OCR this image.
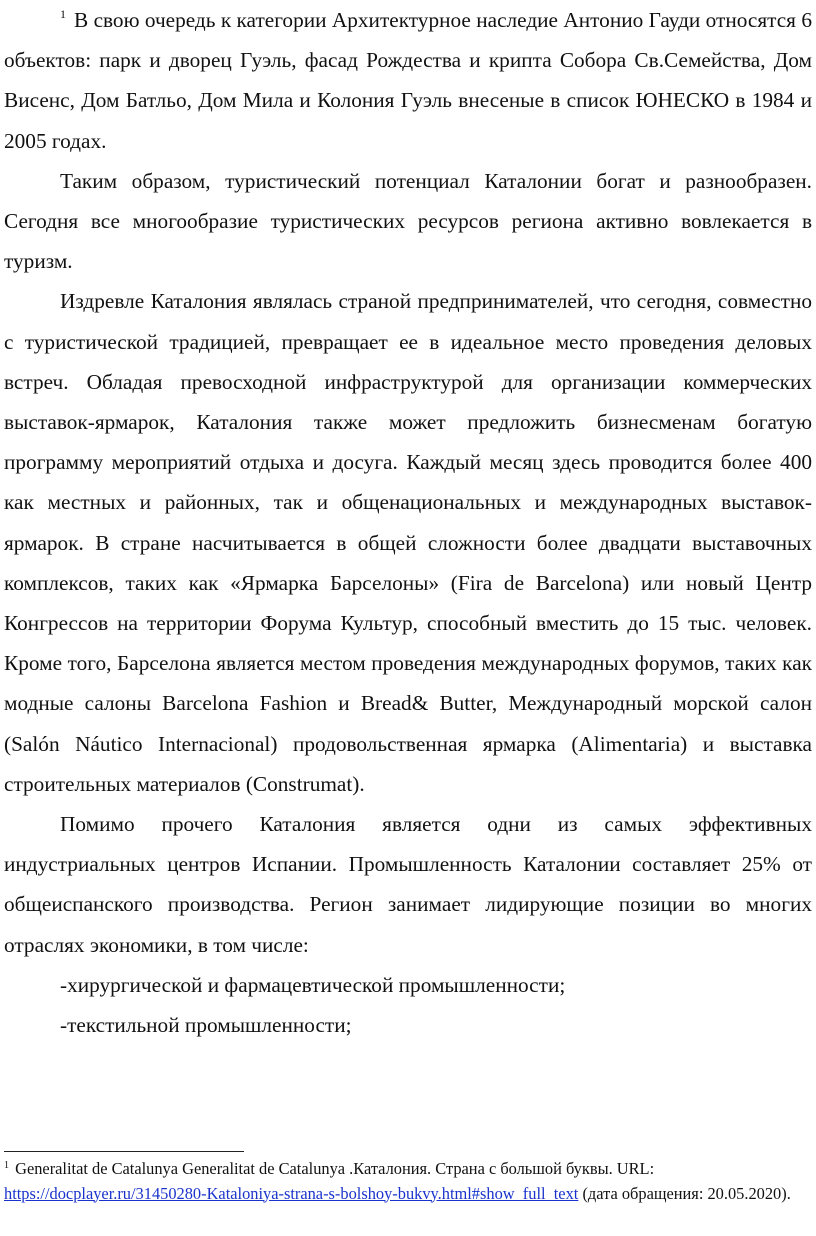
$^1$ В свою очередь к категории Архитектурное наследие Антонио Гауди относятся 6 объектов: парк и дворец Гуэль, фасад Рождества и крипта Собора Св.Семейства, Дом Висенс, Дом Батльо, Дом Мила и Колония Гуэль внесеные в список ЮНЕСКО в 1984 и 2005 годах.

Таким образом, туристический потенциал Каталонии богат и разнообразен. Сегодня все многообразие туристических ресурсов региона активно вовлекается в туризм.

Издревле Каталония являлась страной предпринимателей, что сегодня, совместно с туристической традицией, превращает ее в идеальное место проведения деловых встреч. Обладая превосходной инфраструктурой для организации коммерческих выставок-ярмарок, Каталония также может предложить бизнесменам богатую программу мероприятий отдыха и досуга. Каждый месяц здесь проводится более 400 как местных и районных, так и общенациональных и международных выставок-ярмарок. В стране насчитывается в общей сложности более двадцати выставочных комплексов, таких как «Ярмарка Барселоны» (Fira de Barcelona) или новый Центр Конгрессов на территории Форума Культур, способный вместить до 15 тыс. человек. Кроме того, Барселона является местом проведения международных форумов, таких как модные салоны Barcelona Fashion и Bread& Butter, Международный морской салон (Salón Náutico Internacional) продовольственная ярмарка (Alimentaria) и выставка строительных материалов (Construmat).

Помимо прочего Каталония является одни из самых эффективных индустриальных центров Испании. Промышленность Каталонии составляет 25% от общеиспанского производства. Регион занимает лидирующие позиции во многих отраслях экономики, в том числе:

-хирургической и фармацевтической промышленности;

-текстильной промышленности;

$^1$ Generalitat de Catalunya Generalitat de Catalunya .Каталония. Страна с большой буквы. URL: https://docplayer.ru/31450280-Kataloniya-strana-s-bolshoy-bukvy.html#show_full_text (дата обращения: 20.05.2020).
